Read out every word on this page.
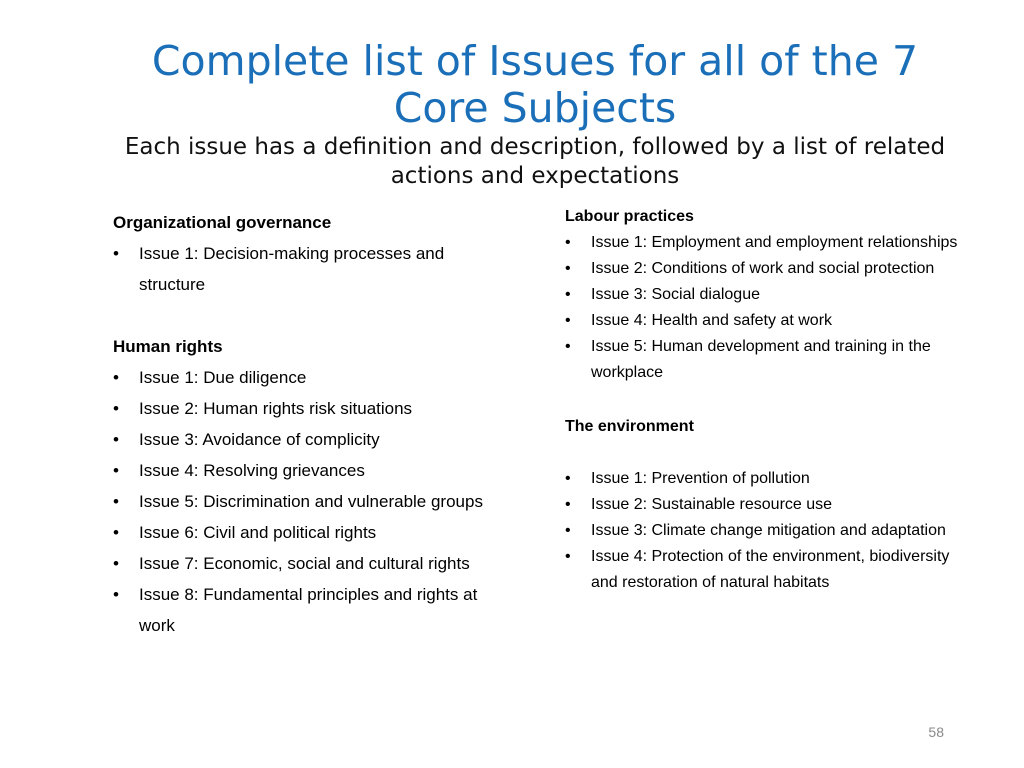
Complete list of Issues for all of the 7 Core Subjects

Each issue has a definition and description, followed by a list of related actions and expectations

Organizational governance

• Issue 1: Decision-making processes and structure

Human rights

• Issue 1: Due diligence
• Issue 2: Human rights risk situations
• Issue 3: Avoidance of complicity
• Issue 4: Resolving grievances
• Issue 5: Discrimination and vulnerable groups
• Issue 6: Civil and political rights
• Issue 7: Economic, social and cultural rights
• Issue 8: Fundamental principles and rights at work

Labour practices

• Issue 1: Employment and employment relationships
• Issue 2: Conditions of work and social protection
• Issue 3: Social dialogue
• Issue 4: Health and safety at work
• Issue 5: Human development and training in the workplace

The environment

• Issue 1: Prevention of pollution
• Issue 2: Sustainable resource use
• Issue 3: Climate change mitigation and adaptation
• Issue 4: Protection of the environment, biodiversity and restoration of natural habitats
58
